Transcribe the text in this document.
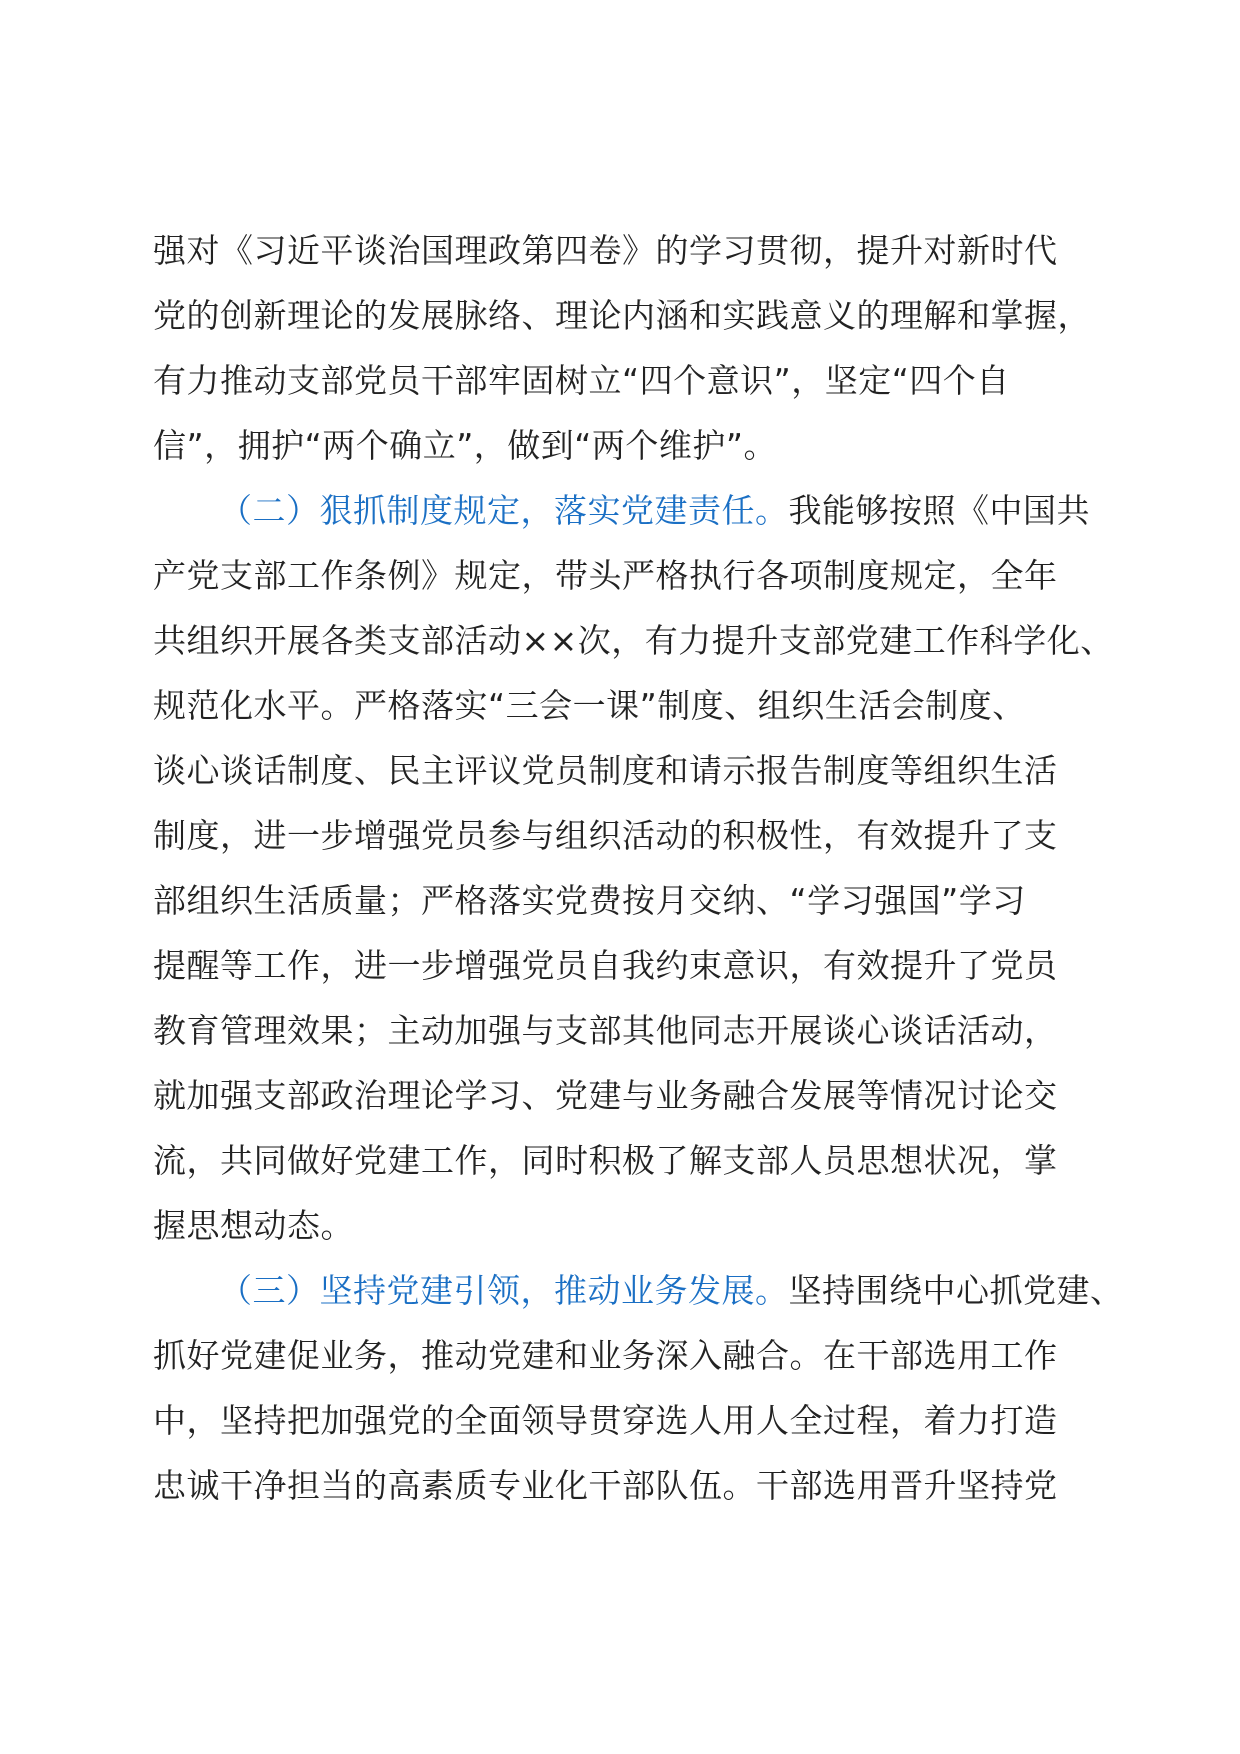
强对《习近平谈治国理政第四卷》的学习贯彻，提升对新时代
党的创新理论的发展脉络、理论内涵和实践意义的理解和掌握，
有力推动支部党员干部牢固树立“四个意识”，坚定“四个自
信”，拥护“两个确立”，做到“两个维护”。
（二）狠抓制度规定，落实党建责任。我能够按照《中国共
产党支部工作条例》规定，带头严格执行各项制度规定，全年
共组织开展各类支部活动××次，有力提升支部党建工作科学化、
规范化水平。严格落实“三会一课”制度、组织生活会制度、
谈心谈话制度、民主评议党员制度和请示报告制度等组织生活
制度，进一步增强党员参与组织活动的积极性，有效提升了支
部组织生活质量；严格落实党费按月交纳、“学习强国”学习
提醒等工作，进一步增强党员自我约束意识，有效提升了党员
教育管理效果；主动加强与支部其他同志开展谈心谈话活动，
就加强支部政治理论学习、党建与业务融合发展等情况讨论交
流，共同做好党建工作，同时积极了解支部人员思想状况，掌
握思想动态。
（三）坚持党建引领，推动业务发展。坚持围绕中心抓党建、
抓好党建促业务，推动党建和业务深入融合。在干部选用工作
中，坚持把加强党的全面领导贯穿选人用人全过程，着力打造
忠诚干净担当的高素质专业化干部队伍。干部选用晋升坚持党
